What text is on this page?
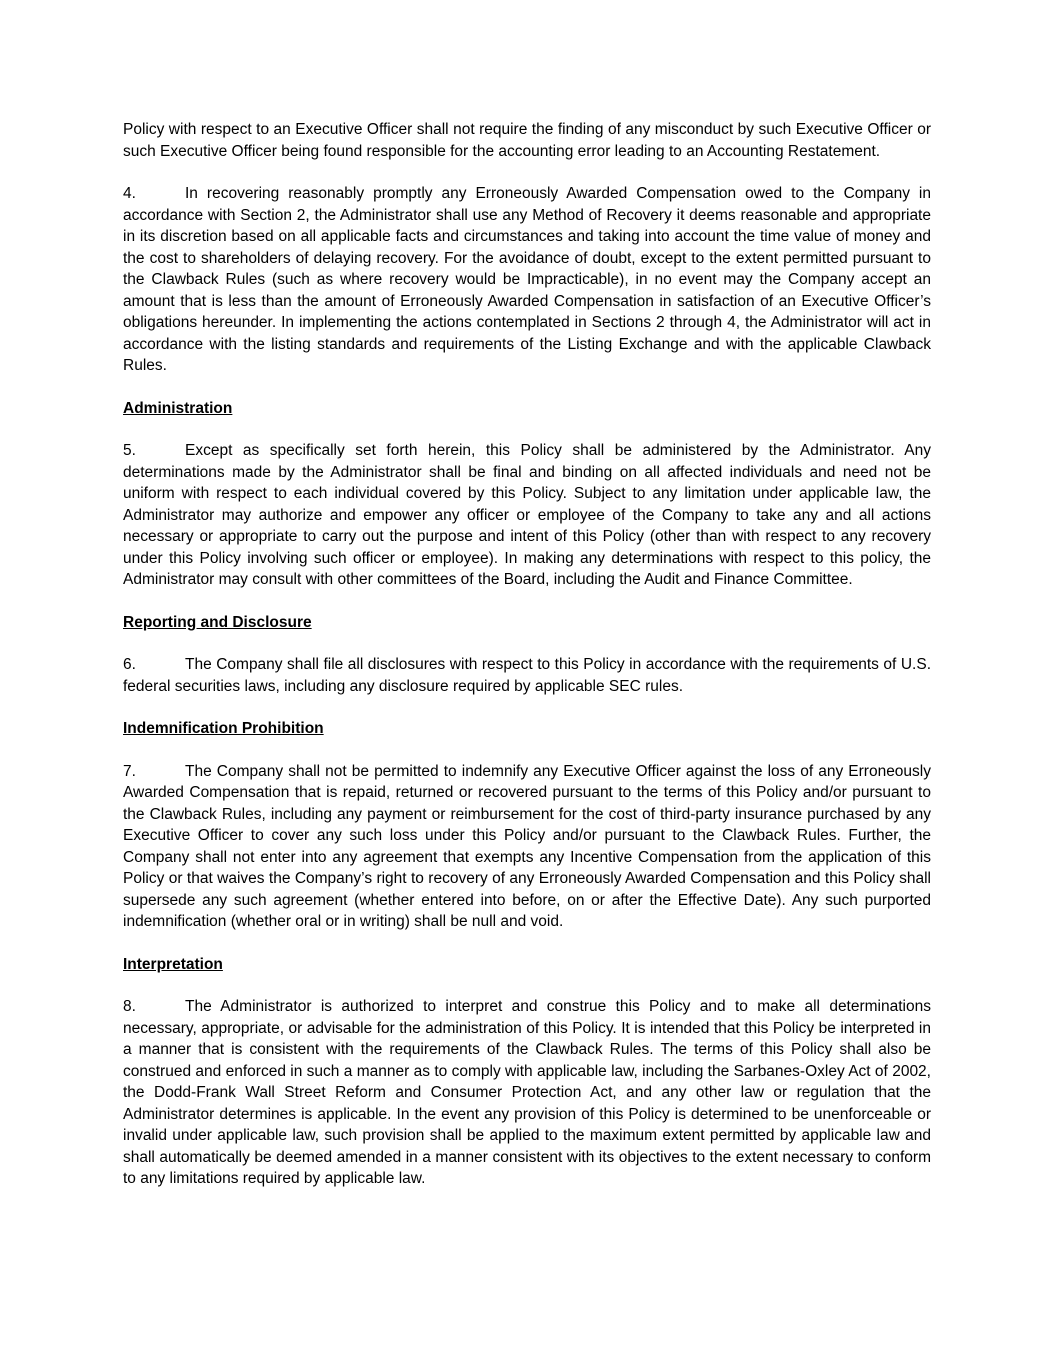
Policy with respect to an Executive Officer shall not require the finding of any misconduct by such Executive Officer or such Executive Officer being found responsible for the accounting error leading to an Accounting Restatement.

4.	In recovering reasonably promptly any Erroneously Awarded Compensation owed to the Company in accordance with Section 2, the Administrator shall use any Method of Recovery it deems reasonable and appropriate in its discretion based on all applicable facts and circumstances and taking into account the time value of money and the cost to shareholders of delaying recovery. For the avoidance of doubt, except to the extent permitted pursuant to the Clawback Rules (such as where recovery would be Impracticable), in no event may the Company accept an amount that is less than the amount of Erroneously Awarded Compensation in satisfaction of an Executive Officer’s obligations hereunder. In implementing the actions contemplated in Sections 2 through 4, the Administrator will act in accordance with the listing standards and requirements of the Listing Exchange and with the applicable Clawback Rules.

Administration

5.	Except as specifically set forth herein, this Policy shall be administered by the Administrator. Any determinations made by the Administrator shall be final and binding on all affected individuals and need not be uniform with respect to each individual covered by this Policy. Subject to any limitation under applicable law, the Administrator may authorize and empower any officer or employee of the Company to take any and all actions necessary or appropriate to carry out the purpose and intent of this Policy (other than with respect to any recovery under this Policy involving such officer or employee). In making any determinations with respect to this policy, the Administrator may consult with other committees of the Board, including the Audit and Finance Committee.

Reporting and Disclosure

6.	The Company shall file all disclosures with respect to this Policy in accordance with the requirements of U.S. federal securities laws, including any disclosure required by applicable SEC rules.

Indemnification Prohibition

7.	The Company shall not be permitted to indemnify any Executive Officer against the loss of any Erroneously Awarded Compensation that is repaid, returned or recovered pursuant to the terms of this Policy and/or pursuant to the Clawback Rules, including any payment or reimbursement for the cost of third-party insurance purchased by any Executive Officer to cover any such loss under this Policy and/or pursuant to the Clawback Rules. Further, the Company shall not enter into any agreement that exempts any Incentive Compensation from the application of this Policy or that waives the Company’s right to recovery of any Erroneously Awarded Compensation and this Policy shall supersede any such agreement (whether entered into before, on or after the Effective Date). Any such purported indemnification (whether oral or in writing) shall be null and void.

Interpretation

8.	The Administrator is authorized to interpret and construe this Policy and to make all determinations necessary, appropriate, or advisable for the administration of this Policy. It is intended that this Policy be interpreted in a manner that is consistent with the requirements of the Clawback Rules. The terms of this Policy shall also be construed and enforced in such a manner as to comply with applicable law, including the Sarbanes-Oxley Act of 2002, the Dodd-Frank Wall Street Reform and Consumer Protection Act, and any other law or regulation that the Administrator determines is applicable. In the event any provision of this Policy is determined to be unenforceable or invalid under applicable law, such provision shall be applied to the maximum extent permitted by applicable law and shall automatically be deemed amended in a manner consistent with its objectives to the extent necessary to conform to any limitations required by applicable law.
